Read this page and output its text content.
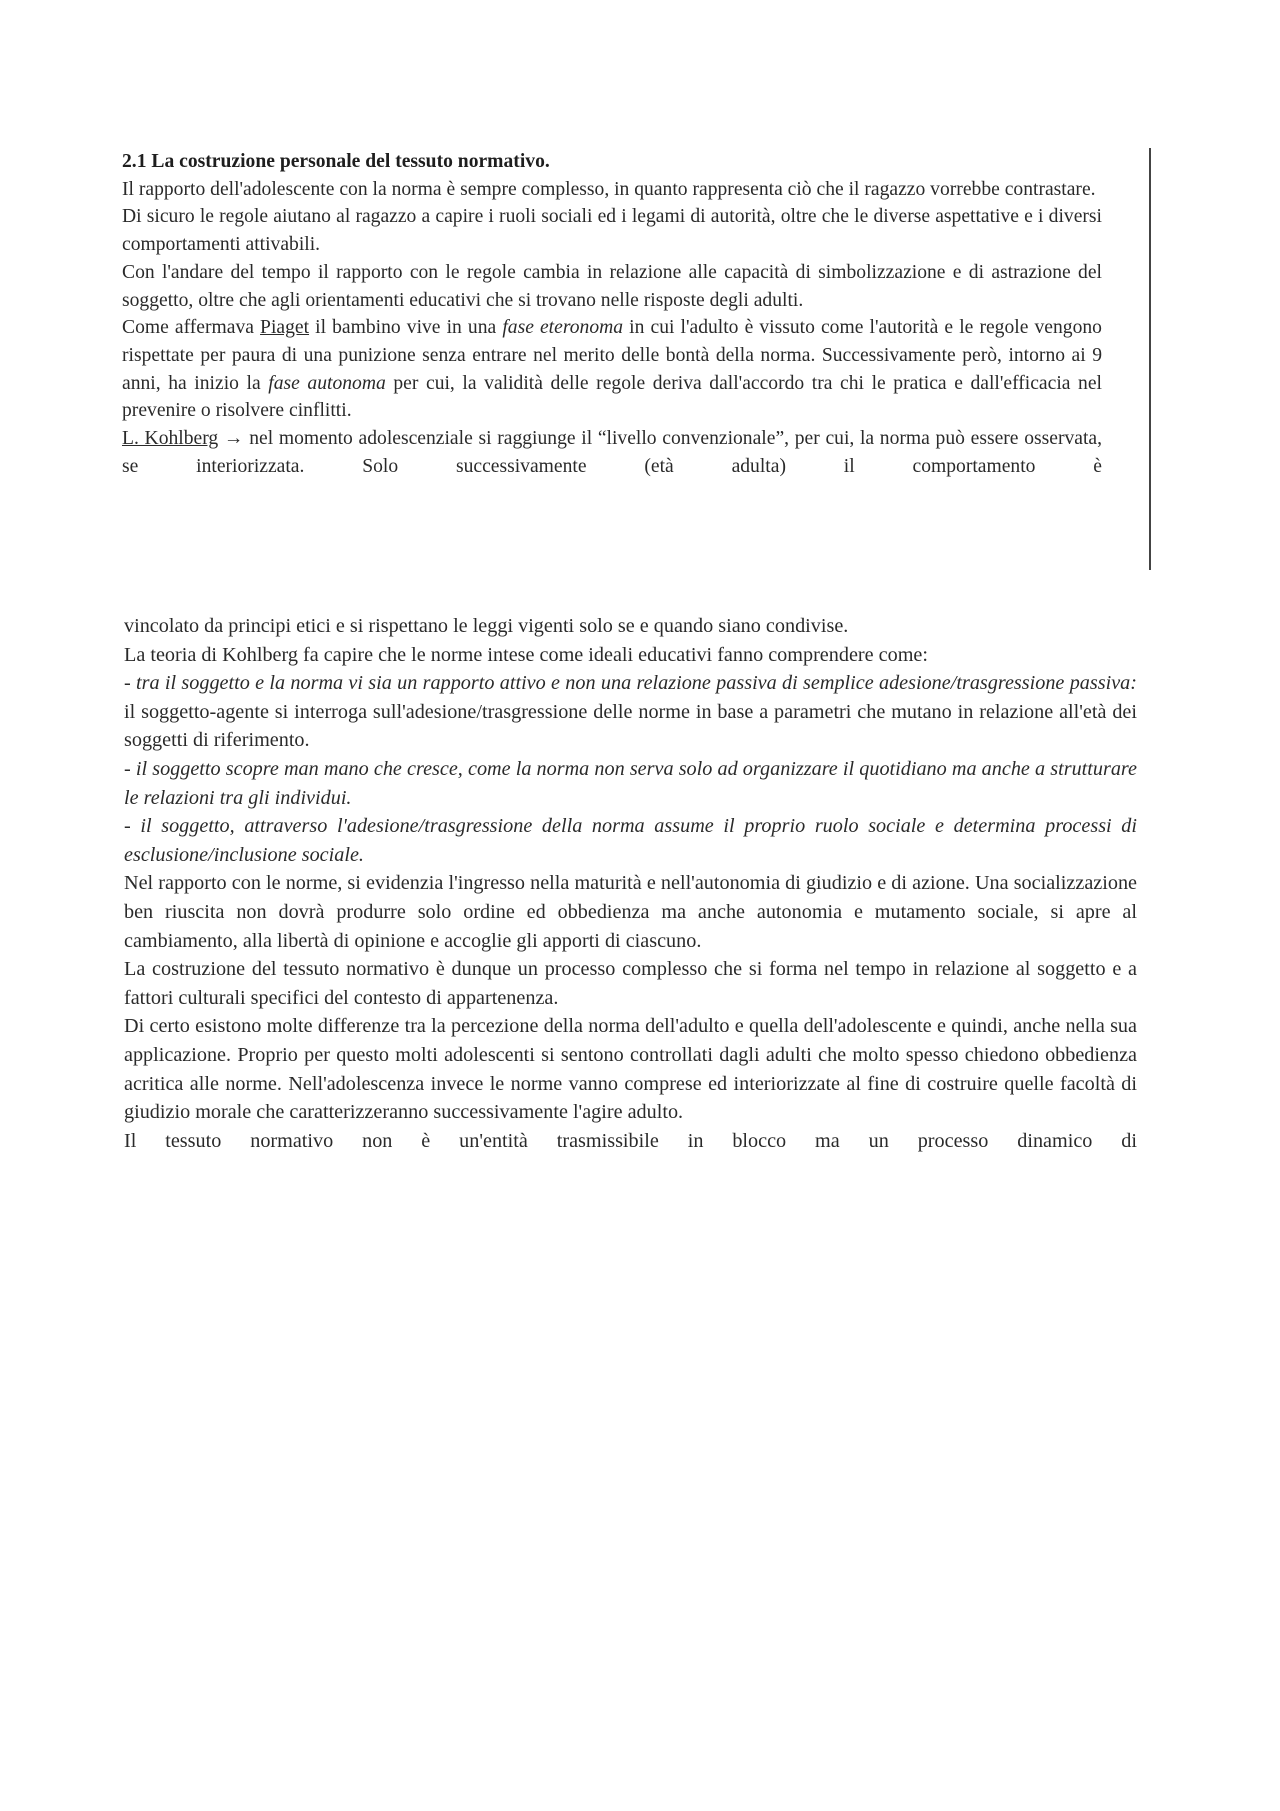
2.1 La costruzione personale del tessuto normativo.

Il rapporto dell'adolescente con la norma è sempre complesso, in quanto rappresenta ciò che il ragazzo vorrebbe contrastare.

Di sicuro le regole aiutano al ragazzo a capire i ruoli sociali ed i legami di autorità, oltre che le diverse aspettative e i diversi comportamenti attivabili.

Con l'andare del tempo il rapporto con le regole cambia in relazione alle capacità di simbolizzazione e di astrazione del soggetto, oltre che agli orientamenti educativi che si trovano nelle risposte degli adulti.

Come affermava Piaget il bambino vive in una fase eteronoma in cui l'adulto è vissuto come l'autorità e le regole vengono rispettate per paura di una punizione senza entrare nel merito delle bontà della norma. Successivamente però, intorno ai 9 anni, ha inizio la fase autonoma per cui, la validità delle regole deriva dall'accordo tra chi le pratica e dall'efficacia nel prevenire o risolvere cinflitti.

L. Kohlberg → nel momento adolescenziale si raggiunge il “livello convenzionale”, per cui, la norma può essere osservata, se interiorizzata. Solo successivamente (età adulta) il comportamento è

vincolato da principi etici e si rispettano le leggi vigenti solo se e quando siano condivise.

La teoria di Kohlberg fa capire che le norme intese come ideali educativi fanno comprendere come:

- tra il soggetto e la norma vi sia un rapporto attivo e non una relazione passiva di semplice adesione/trasgressione passiva: il soggetto-agente si interroga sull'adesione/trasgressione delle norme in base a parametri che mutano in relazione all'età dei soggetti di riferimento.

- il soggetto scopre man mano che cresce, come la norma non serva solo ad organizzare il quotidiano ma anche a strutturare le relazioni tra gli individui.

- il soggetto, attraverso l'adesione/trasgressione della norma assume il proprio ruolo sociale e determina processi di esclusione/inclusione sociale.

Nel rapporto con le norme, si evidenzia l'ingresso nella maturità e nell'autonomia di giudizio e di azione. Una socializzazione ben riuscita non dovrà produrre solo ordine ed obbedienza ma anche autonomia e mutamento sociale, si apre al cambiamento, alla libertà di opinione e accoglie gli apporti di ciascuno.

La costruzione del tessuto normativo è dunque un processo complesso che si forma nel tempo in relazione al soggetto e a fattori culturali specifici del contesto di appartenenza.

Di certo esistono molte differenze tra la percezione della norma dell'adulto e quella dell'adolescente e quindi, anche nella sua applicazione. Proprio per questo molti adolescenti si sentono controllati dagli adulti che molto spesso chiedono obbedienza acritica alle norme. Nell'adolescenza invece le norme vanno comprese ed interiorizzate al fine di costruire quelle facoltà di giudizio morale che caratterizzeranno successivamente l'agire adulto.

Il tessuto normativo non è un'entità trasmissibile in blocco ma un processo dinamico di
